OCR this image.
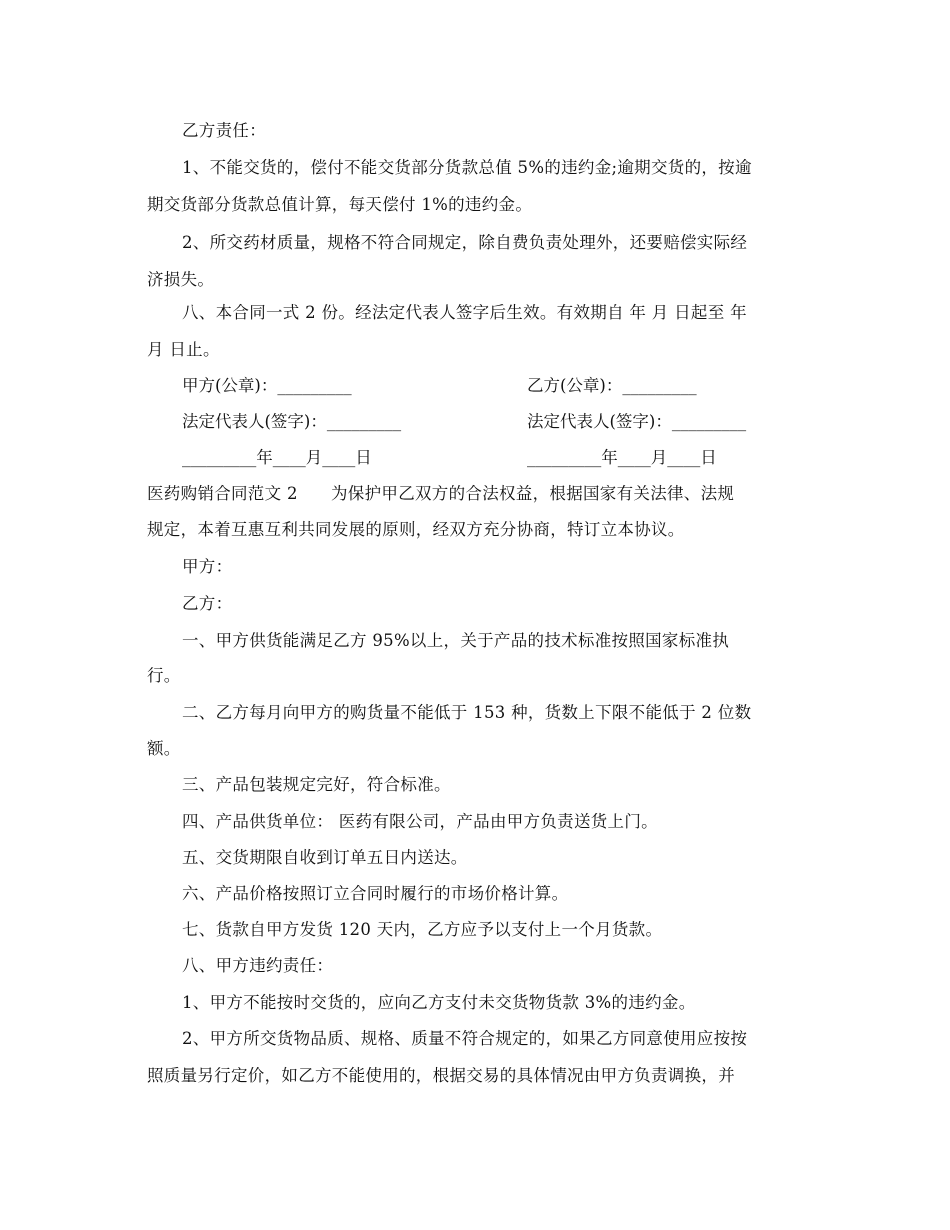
乙方责任：
1、不能交货的，偿付不能交货部分货款总值 5%的违约金;逾期交货的，按逾
期交货部分货款总值计算，每天偿付 1%的违约金。
2、所交药材质量，规格不符合同规定，除自费负责处理外，还要赔偿实际经
济损失。
八、本合同一式 2 份。经法定代表人签字后生效。有效期自 年 月 日起至 年
月 日止。
甲方(公章)：_________	乙方(公章)：_________
法定代表人(签字)：_________	法定代表人(签字)：_________
_________年____月____日	_________年____月____日
医药购销合同范文 2      为保护甲乙双方的合法权益，根据国家有关法律、法规
规定，本着互惠互利共同发展的原则，经双方充分协商，特订立本协议。
甲方：
乙方：
一、甲方供货能满足乙方 95%以上，关于产品的技术标准按照国家标准执
行。
二、乙方每月向甲方的购货量不能低于 153 种，货数上下限不能低于 2 位数
额。
三、产品包装规定完好，符合标准。
四、产品供货单位： 医药有限公司，产品由甲方负责送货上门。
五、交货期限自收到订单五日内送达。
六、产品价格按照订立合同时履行的市场价格计算。
七、货款自甲方发货 120 天内，乙方应予以支付上一个月货款。
八、甲方违约责任：
1、甲方不能按时交货的，应向乙方支付未交货物货款 3%的违约金。
2、甲方所交货物品质、规格、质量不符合规定的，如果乙方同意使用应按按
照质量另行定价，如乙方不能使用的，根据交易的具体情况由甲方负责调换，并
